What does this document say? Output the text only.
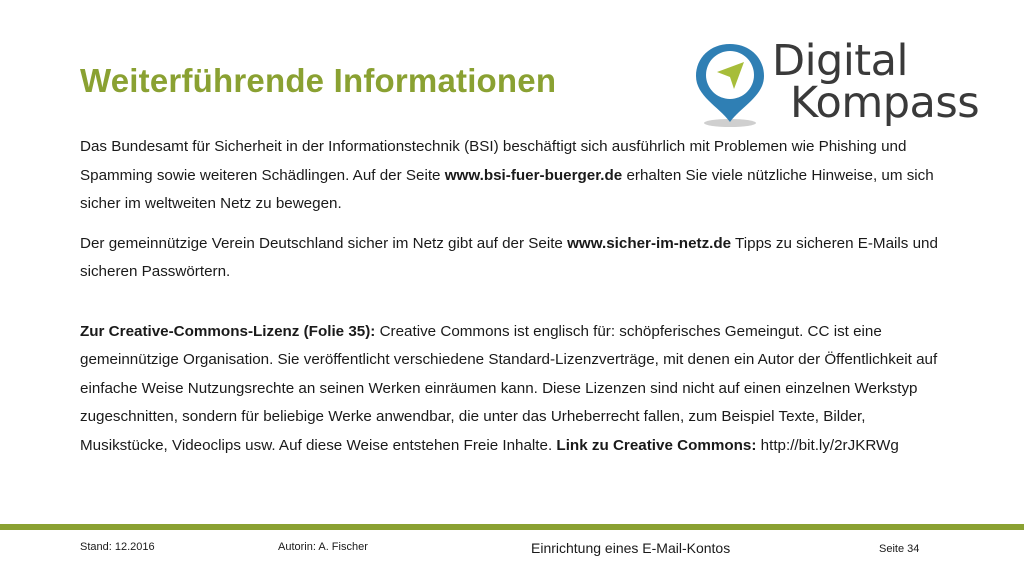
Weiterführende Informationen	Digital
Kompass

Das Bundesamt für Sicherheit in der Informationstechnik (BSI) beschäftigt sich ausführlich mit Problemen wie Phishing und Spamming sowie weiteren Schädlingen. Auf der Seite www.bsi-fuer-buerger.de erhalten Sie viele nützliche Hinweise, um sich sicher im weltweiten Netz zu bewegen.

Der gemeinnützige Verein Deutschland sicher im Netz gibt auf der Seite www.sicher-im-netz.de Tipps zu sicheren E-Mails und sicheren Passwörtern.

Zur Creative-Commons-Lizenz (Folie 35): Creative Commons ist englisch für: schöpferisches Gemeingut. CC ist eine gemeinnützige Organisation. Sie veröffentlicht verschiedene Standard-Lizenzverträge, mit denen ein Autor der Öffentlichkeit auf einfache Weise Nutzungsrechte an seinen Werken einräumen kann. Diese Lizenzen sind nicht auf einen einzelnen Werkstyp zugeschnitten, sondern für beliebige Werke anwendbar, die unter das Urheberrecht fallen, zum Beispiel Texte, Bilder, Musikstücke, Videoclips usw. Auf diese Weise entstehen Freie Inhalte. Link zu Creative Commons: http://bit.ly/2rJKRWg

Stand: 12.2016	Autorin: A. Fischer	Einrichtung eines E-Mail-Kontos	Seite 34
